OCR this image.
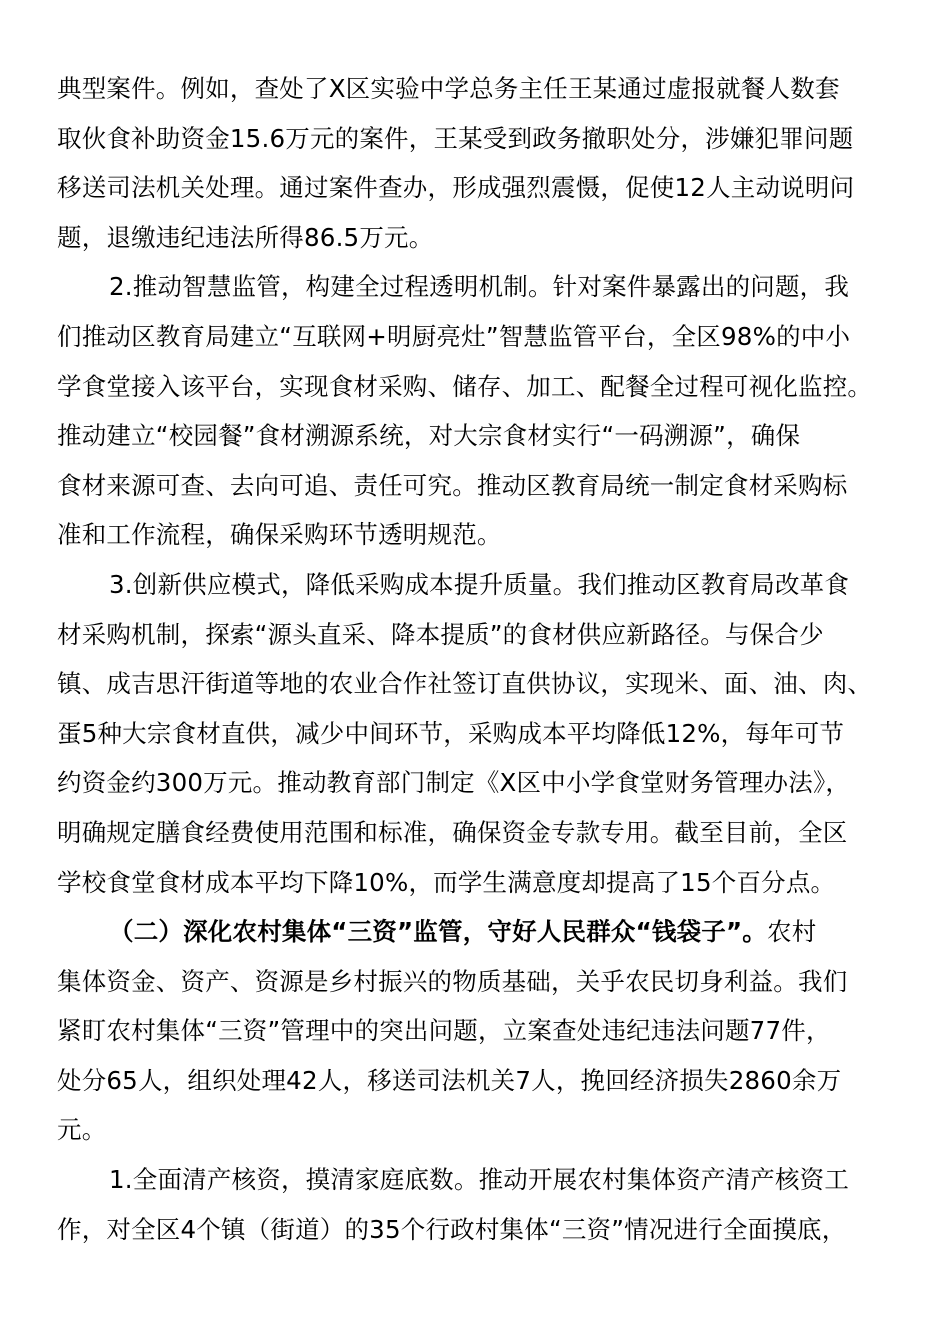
典型案件。例如，查处了X区实验中学总务主任王某通过虚报就餐人数套
取伙食补助资金15.6万元的案件，王某受到政务撤职处分，涉嫌犯罪问题
移送司法机关处理。通过案件查办，形成强烈震慑，促使12人主动说明问
题，退缴违纪违法所得86.5万元。
2.推动智慧监管，构建全过程透明机制。针对案件暴露出的问题，我
们推动区教育局建立“互联网+明厨亮灶”智慧监管平台，全区98%的中小
学食堂接入该平台，实现食材采购、储存、加工、配餐全过程可视化监控。
推动建立“校园餐”食材溯源系统，对大宗食材实行“一码溯源”，确保
食材来源可查、去向可追、责任可究。推动区教育局统一制定食材采购标
准和工作流程，确保采购环节透明规范。
3.创新供应模式，降低采购成本提升质量。我们推动区教育局改革食
材采购机制，探索“源头直采、降本提质”的食材供应新路径。与保合少
镇、成吉思汗街道等地的农业合作社签订直供协议，实现米、面、油、肉、
蛋5种大宗食材直供，减少中间环节，采购成本平均降低12%，每年可节
约资金约300万元。推动教育部门制定《X区中小学食堂财务管理办法》，
明确规定膳食经费使用范围和标准，确保资金专款专用。截至目前，全区
学校食堂食材成本平均下降10%，而学生满意度却提高了15个百分点。
（二）深化农村集体“三资”监管，守好人民群众“钱袋子”。农村
集体资金、资产、资源是乡村振兴的物质基础，关乎农民切身利益。我们
紧盯农村集体“三资”管理中的突出问题，立案查处违纪违法问题77件，
处分65人，组织处理42人，移送司法机关7人，挽回经济损失2860余万
元。
1.全面清产核资，摸清家庭底数。推动开展农村集体资产清产核资工
作，对全区4个镇（街道）的35个行政村集体“三资”情况进行全面摸底，
